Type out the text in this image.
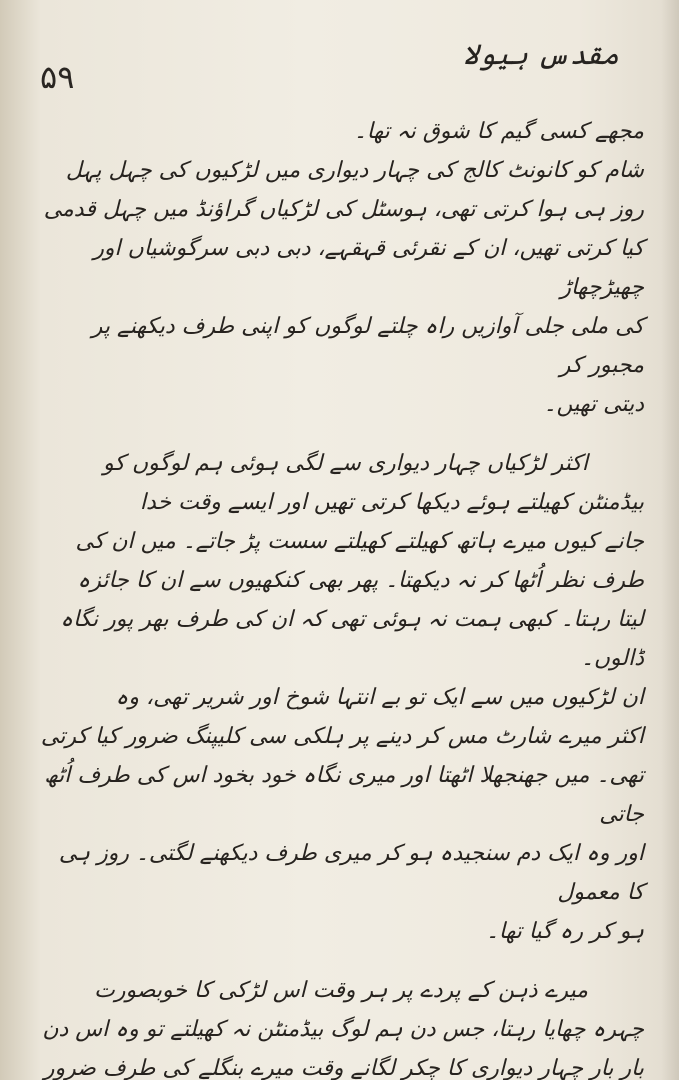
۵۹
مقدس ہیولا

مجھے کسی گیم کا شوق نہ تھا۔

شام کو کانونٹ کالج کی چہار دیواری میں لڑکیوں کی چہل پہل

روز ہی ہوا کرتی تھی، ہوسٹل کی لڑکیاں گراؤنڈ میں چہل قدمی

کیا کرتی تھیں، ان کے نقرئی قہقہے، دبی دبی سرگوشیاں اور چھیڑچھاڑ

کی ملی جلی آوازیں راہ چلتے لوگوں کو اپنی طرف دیکھنے پر مجبور کر

دیتی تھیں۔

اکثر لڑکیاں چہار دیواری سے لگی ہوئی ہم لوگوں کو

بیڈمنٹن کھیلتے ہوئے دیکھا کرتی تھیں اور ایسے وقت خدا

جانے کیوں میرے ہاتھ کھیلتے کھیلتے سست پڑ جاتے۔ میں ان کی

طرف نظر اُٹھا کر نہ دیکھتا۔ پھر بھی کنکھیوں سے ان کا جائزہ

لیتا رہتا۔ کبھی ہمت نہ ہوئی تھی کہ ان کی طرف بھر پور نگاہ ڈالوں۔

ان لڑکیوں میں سے ایک تو بے انتہا شوخ اور شریر تھی، وہ

اکثر میرے شارٹ مس کر دینے پر ہلکی سی کلیپنگ ضرور کیا کرتی

تھی۔ میں جھنجھلا اٹھتا اور میری نگاہ خود بخود اس کی طرف اُٹھ جاتی

اور وہ ایک دم سنجیدہ ہو کر میری طرف دیکھنے لگتی۔ روز ہی کا معمول

ہو کر رہ گیا تھا۔

میرے ذہن کے پردے پر ہر وقت اس لڑکی کا خوبصورت

چہرہ چھایا رہتا، جس دن ہم لوگ بیڈمنٹن نہ کھیلتے تو وہ اس دن

بار بار چہار دیواری کا چکر لگانے وقت میرے بنگلے کی طرف ضرور
